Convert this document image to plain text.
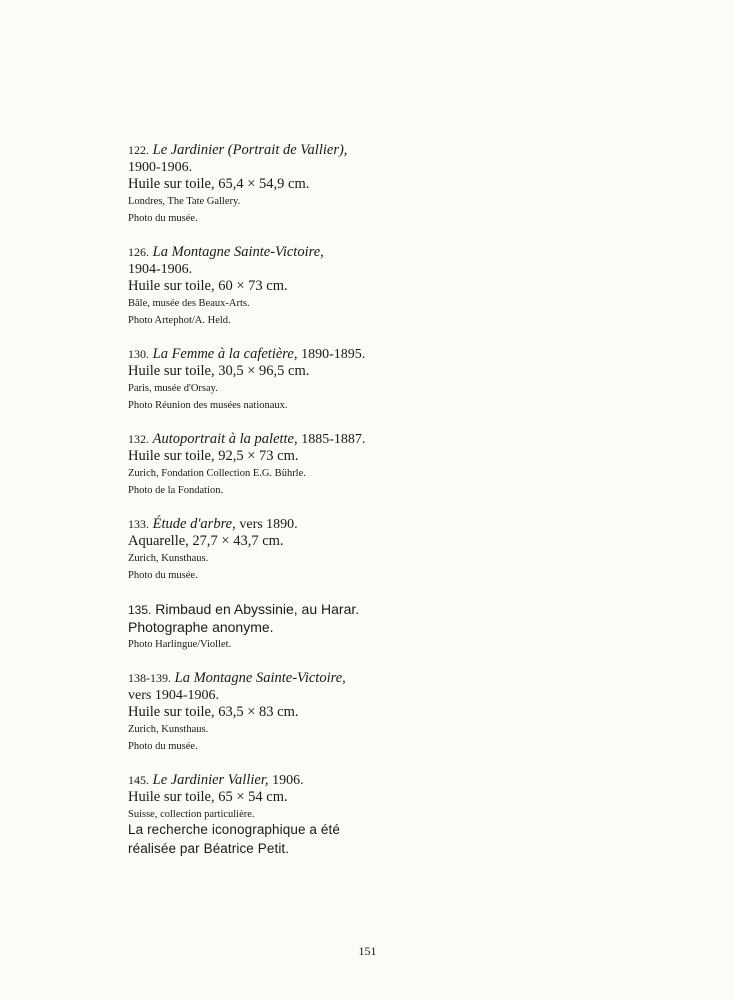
122. Le Jardinier (Portrait de Vallier),
1900-1906.
Huile sur toile, 65,4 × 54,9 cm.
Londres, The Tate Gallery.
Photo du musée.
126. La Montagne Sainte-Victoire,
1904-1906.
Huile sur toile, 60 × 73 cm.
Bâle, musée des Beaux-Arts.
Photo Artephot/A. Held.
130. La Femme à la cafetière, 1890-1895.
Huile sur toile, 30,5 × 96,5 cm.
Paris, musée d'Orsay.
Photo Réunion des musées nationaux.
132. Autoportrait à la palette, 1885-1887.
Huile sur toile, 92,5 × 73 cm.
Zurich, Fondation Collection E.G. Bührle.
Photo de la Fondation.
133. Étude d'arbre, vers 1890.
Aquarelle, 27,7 × 43,7 cm.
Zurich, Kunsthaus.
Photo du musée.
135. Rimbaud en Abyssinie, au Harar.
Photographe anonyme.
Photo Harlingue/Viollet.
138-139. La Montagne Sainte-Victoire,
vers 1904-1906.
Huile sur toile, 63,5 × 83 cm.
Zurich, Kunsthaus.
Photo du musée.
145. Le Jardinier Vallier, 1906.
Huile sur toile, 65 × 54 cm.
Suisse, collection particulière.
La recherche iconographique a été
réalisée par Béatrice Petit.
151
